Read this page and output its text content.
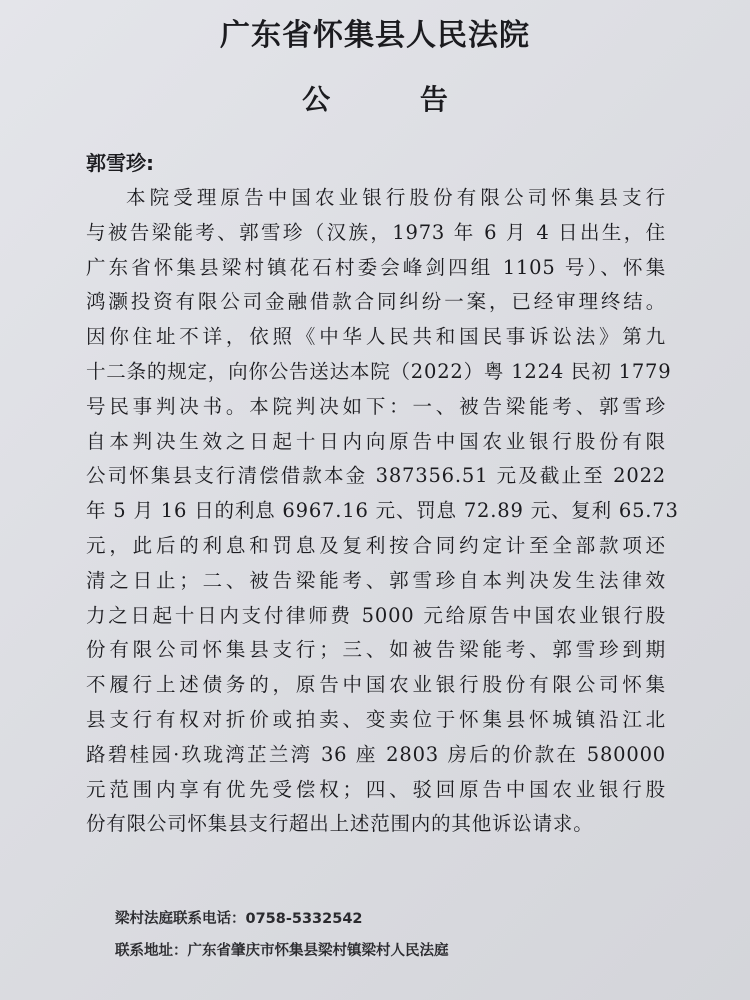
广东省怀集县人民法院
公 告
郭雪珍:
本院受理原告中国农业银行股份有限公司怀集县支行
与被告梁能考、郭雪珍（汉族，1973 年 6 月 4 日出生，住
广东省怀集县梁村镇花石村委会峰剑四组 1105 号）、怀集
鸿灏投资有限公司金融借款合同纠纷一案，已经审理终结。
因你住址不详，依照《中华人民共和国民事诉讼法》第九
十二条的规定，向你公告送达本院（2022）粤 1224 民初 1779
号民事判决书。本院判决如下：一、被告梁能考、郭雪珍
自本判决生效之日起十日内向原告中国农业银行股份有限
公司怀集县支行清偿借款本金 387356.51 元及截止至 2022
年 5 月 16 日的利息 6967.16 元、罚息 72.89 元、复利 65.73
元，此后的利息和罚息及复利按合同约定计至全部款项还
清之日止；二、被告梁能考、郭雪珍自本判决发生法律效
力之日起十日内支付律师费 5000 元给原告中国农业银行股
份有限公司怀集县支行；三、如被告梁能考、郭雪珍到期
不履行上述债务的，原告中国农业银行股份有限公司怀集
县支行有权对折价或拍卖、变卖位于怀集县怀城镇沿江北
路碧桂园·玖珑湾芷兰湾 36 座 2803 房后的价款在 580000
元范围内享有优先受偿权；四、驳回原告中国农业银行股
份有限公司怀集县支行超出上述范围内的其他诉讼请求。
梁村法庭联系电话：0758-5332542
联系地址：广东省肇庆市怀集县梁村镇梁村人民法庭
